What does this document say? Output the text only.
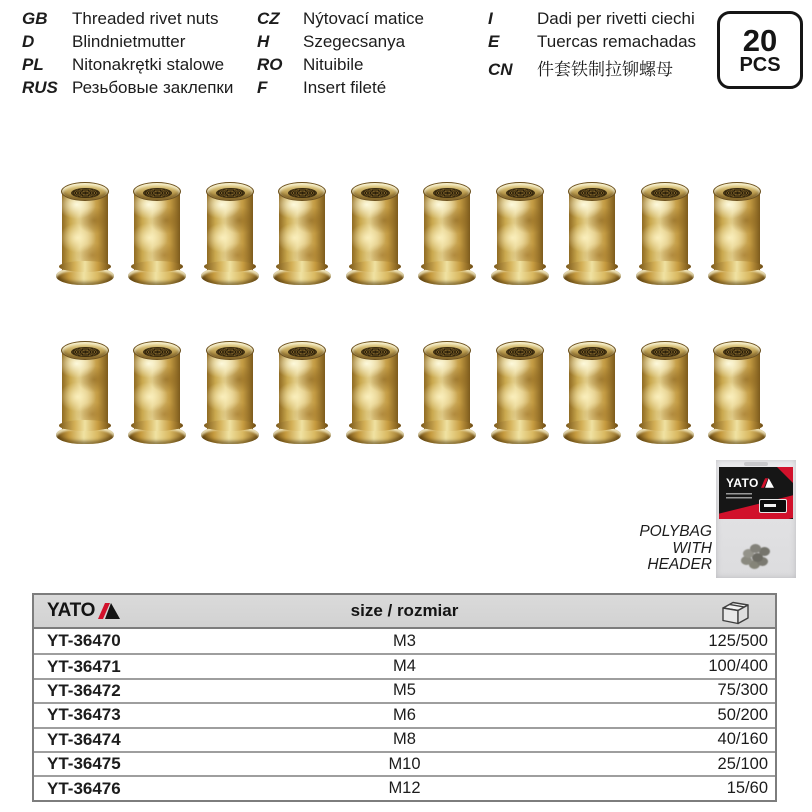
GB	Threaded rivet nuts
D	Blindnietmutter
PL	Nitonakrętki stalowe
RUS Резьбовые заклепки
CZ	Nýtovací matice
H	Szegecsanya
RO	Nituibile
F	Insert fileté
I	Dadi per rivetti ciechi
E	Tuercas remachadas
CN	件套铁制拉铆螺母
20
PCS
YATO
POLYBAG
WITH
HEADER
YATO	size / rozmiar
YT-36470	M3	125/500
YT-36471	M4	100/400
YT-36472	M5	75/300
YT-36473	M6	50/200
YT-36474	M8	40/160
YT-36475	M10	25/100
YT-36476	M12	15/60
